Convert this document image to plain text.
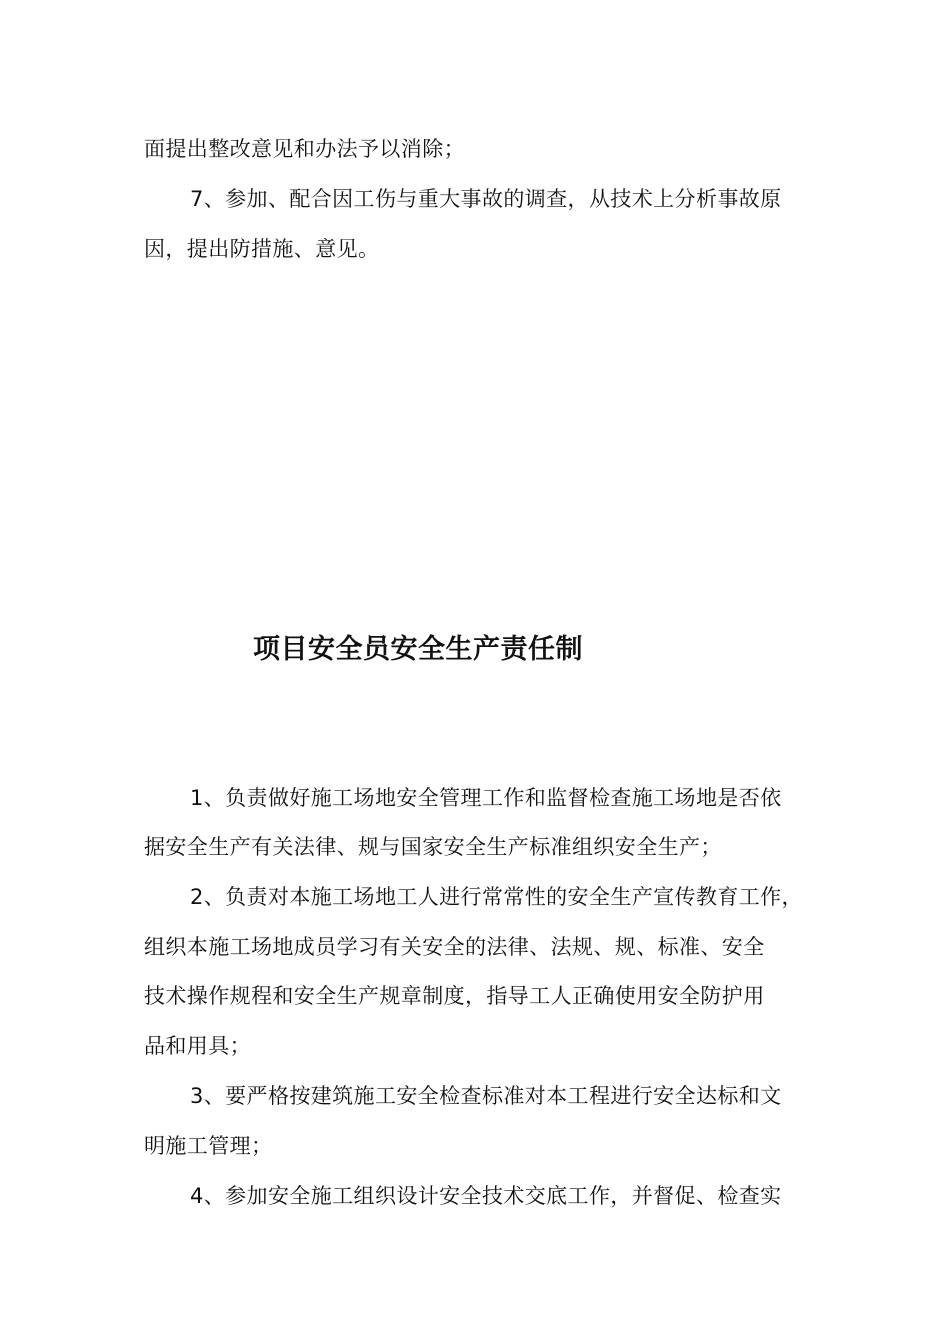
面提出整改意见和办法予以消除；
7、参加、配合因工伤与重大事故的调查，从技术上分析事故原
因，提出防措施、意见。
项目安全员安全生产责任制
1、负责做好施工场地安全管理工作和监督检查施工场地是否依
据安全生产有关法律、规与国家安全生产标准组织安全生产；
2、负责对本施工场地工人进行常常性的安全生产宣传教育工作，
组织本施工场地成员学习有关安全的法律、法规、规、标准、安全
技术操作规程和安全生产规章制度，指导工人正确使用安全防护用
品和用具；
3、要严格按建筑施工安全检查标准对本工程进行安全达标和文
明施工管理；
4、参加安全施工组织设计安全技术交底工作，并督促、检查实
